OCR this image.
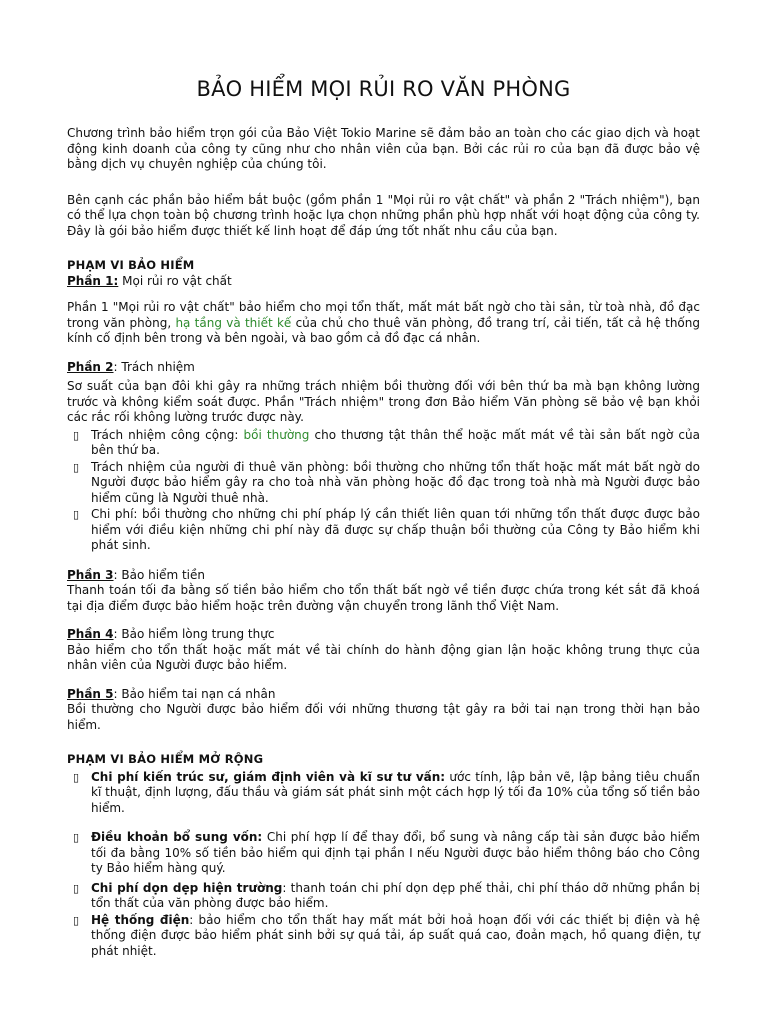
BẢO HIỂM MỌI RỦI RO VĂN PHÒNG

Chương trình bảo hiểm trọn gói của Bảo Việt Tokio Marine sẽ đảm bảo an toàn cho các giao dịch và hoạt động kinh doanh của công ty cũng như cho nhân viên của bạn. Bởi các rủi ro của bạn đã được bảo vệ bằng dịch vụ chuyên nghiệp của chúng tôi.

Bên cạnh các phần bảo hiểm bắt buộc (gồm phần 1 "Mọi rủi ro vật chất" và phần 2 "Trách nhiệm"), bạn có thể lựa chọn toàn bộ chương trình hoặc lựa chọn những phần phù hợp nhất với hoạt động của công ty. Đây là gói bảo hiểm được thiết kế linh hoạt để đáp ứng tốt nhất nhu cầu của bạn.

PHẠM VI BẢO HIỂM

Phần 1: Mọi rủi ro vật chất

Phần 1 "Mọi rủi ro vật chất" bảo hiểm cho mọi tổn thất, mất mát bất ngờ cho tài sản, từ toà nhà, đồ đạc trong văn phòng, hạ tầng và thiết kế của chủ cho thuê văn phòng, đồ trang trí, cải tiến, tất cả hệ thống kính cố định bên trong và bên ngoài, và bao gồm cả đồ đạc cá nhân.

Phần 2: Trách nhiệm

Sơ suất của bạn đôi khi gây ra những trách nhiệm bồi thường đối với bên thứ ba mà bạn không lường trước và không kiểm soát được. Phần "Trách nhiệm" trong đơn Bảo hiểm Văn phòng sẽ bảo vệ bạn khỏi các rắc rối không lường trước được này.

▯ Trách nhiệm công cộng: bồi thường cho thương tật thân thể hoặc mất mát về tài sản bất ngờ của bên thứ ba.
▯ Trách nhiệm của người đi thuê văn phòng: bồi thường cho những tổn thất hoặc mất mát bất ngờ do Người được bảo hiểm gây ra cho toà nhà văn phòng hoặc đồ đạc trong toà nhà mà Người được bảo hiểm cũng là Người thuê nhà.
▯ Chi phí: bồi thường cho những chi phí pháp lý cần thiết liên quan tới những tổn thất được được bảo hiểm với điều kiện những chi phí này đã được sự chấp thuận bồi thường của Công ty Bảo hiểm khi phát sinh.

Phần 3: Bảo hiểm tiền

Thanh toán tối đa bằng số tiền bảo hiểm cho tổn thất bất ngờ về tiền được chứa trong két sắt đã khoá tại địa điểm được bảo hiểm hoặc trên đường vận chuyển trong lãnh thổ Việt Nam.

Phần 4: Bảo hiểm lòng trung thực

Bảo hiểm cho tổn thất hoặc mất mát về tài chính do hành động gian lận hoặc không trung thực của nhân viên của Người được bảo hiểm.

Phần 5: Bảo hiểm tai nạn cá nhân

Bồi thường cho Người được bảo hiểm đối với những thương tật gây ra bởi tai nạn trong thời hạn bảo hiểm.

PHẠM VI BẢO HIỂM MỞ RỘNG

▯ Chi phí kiến trúc sư, giám định viên và kĩ sư tư vấn: ước tính, lập bản vẽ, lập bảng tiêu chuẩn kĩ thuật, định lượng, đấu thầu và giám sát phát sinh một cách hợp lý tối đa 10% của tổng số tiền bảo hiểm.
▯ Điều khoản bổ sung vốn: Chi phí hợp lí để thay đổi, bổ sung và nâng cấp tài sản được bảo hiểm tối đa bằng 10% số tiền bảo hiểm qui định tại phần I nếu Người được bảo hiểm thông báo cho Công ty Bảo hiểm hàng quý.
▯ Chi phí dọn dẹp hiện trường: thanh toán chi phí dọn dẹp phế thải, chi phí tháo dỡ những phần bị tổn thất của văn phòng được bảo hiểm.
▯ Hệ thống điện: bảo hiểm cho tổn thất hay mất mát bởi hoả hoạn đối với các thiết bị điện và hệ thống điện được bảo hiểm phát sinh bởi sự quá tải, áp suất quá cao, đoản mạch, hồ quang điện, tự phát nhiệt.
